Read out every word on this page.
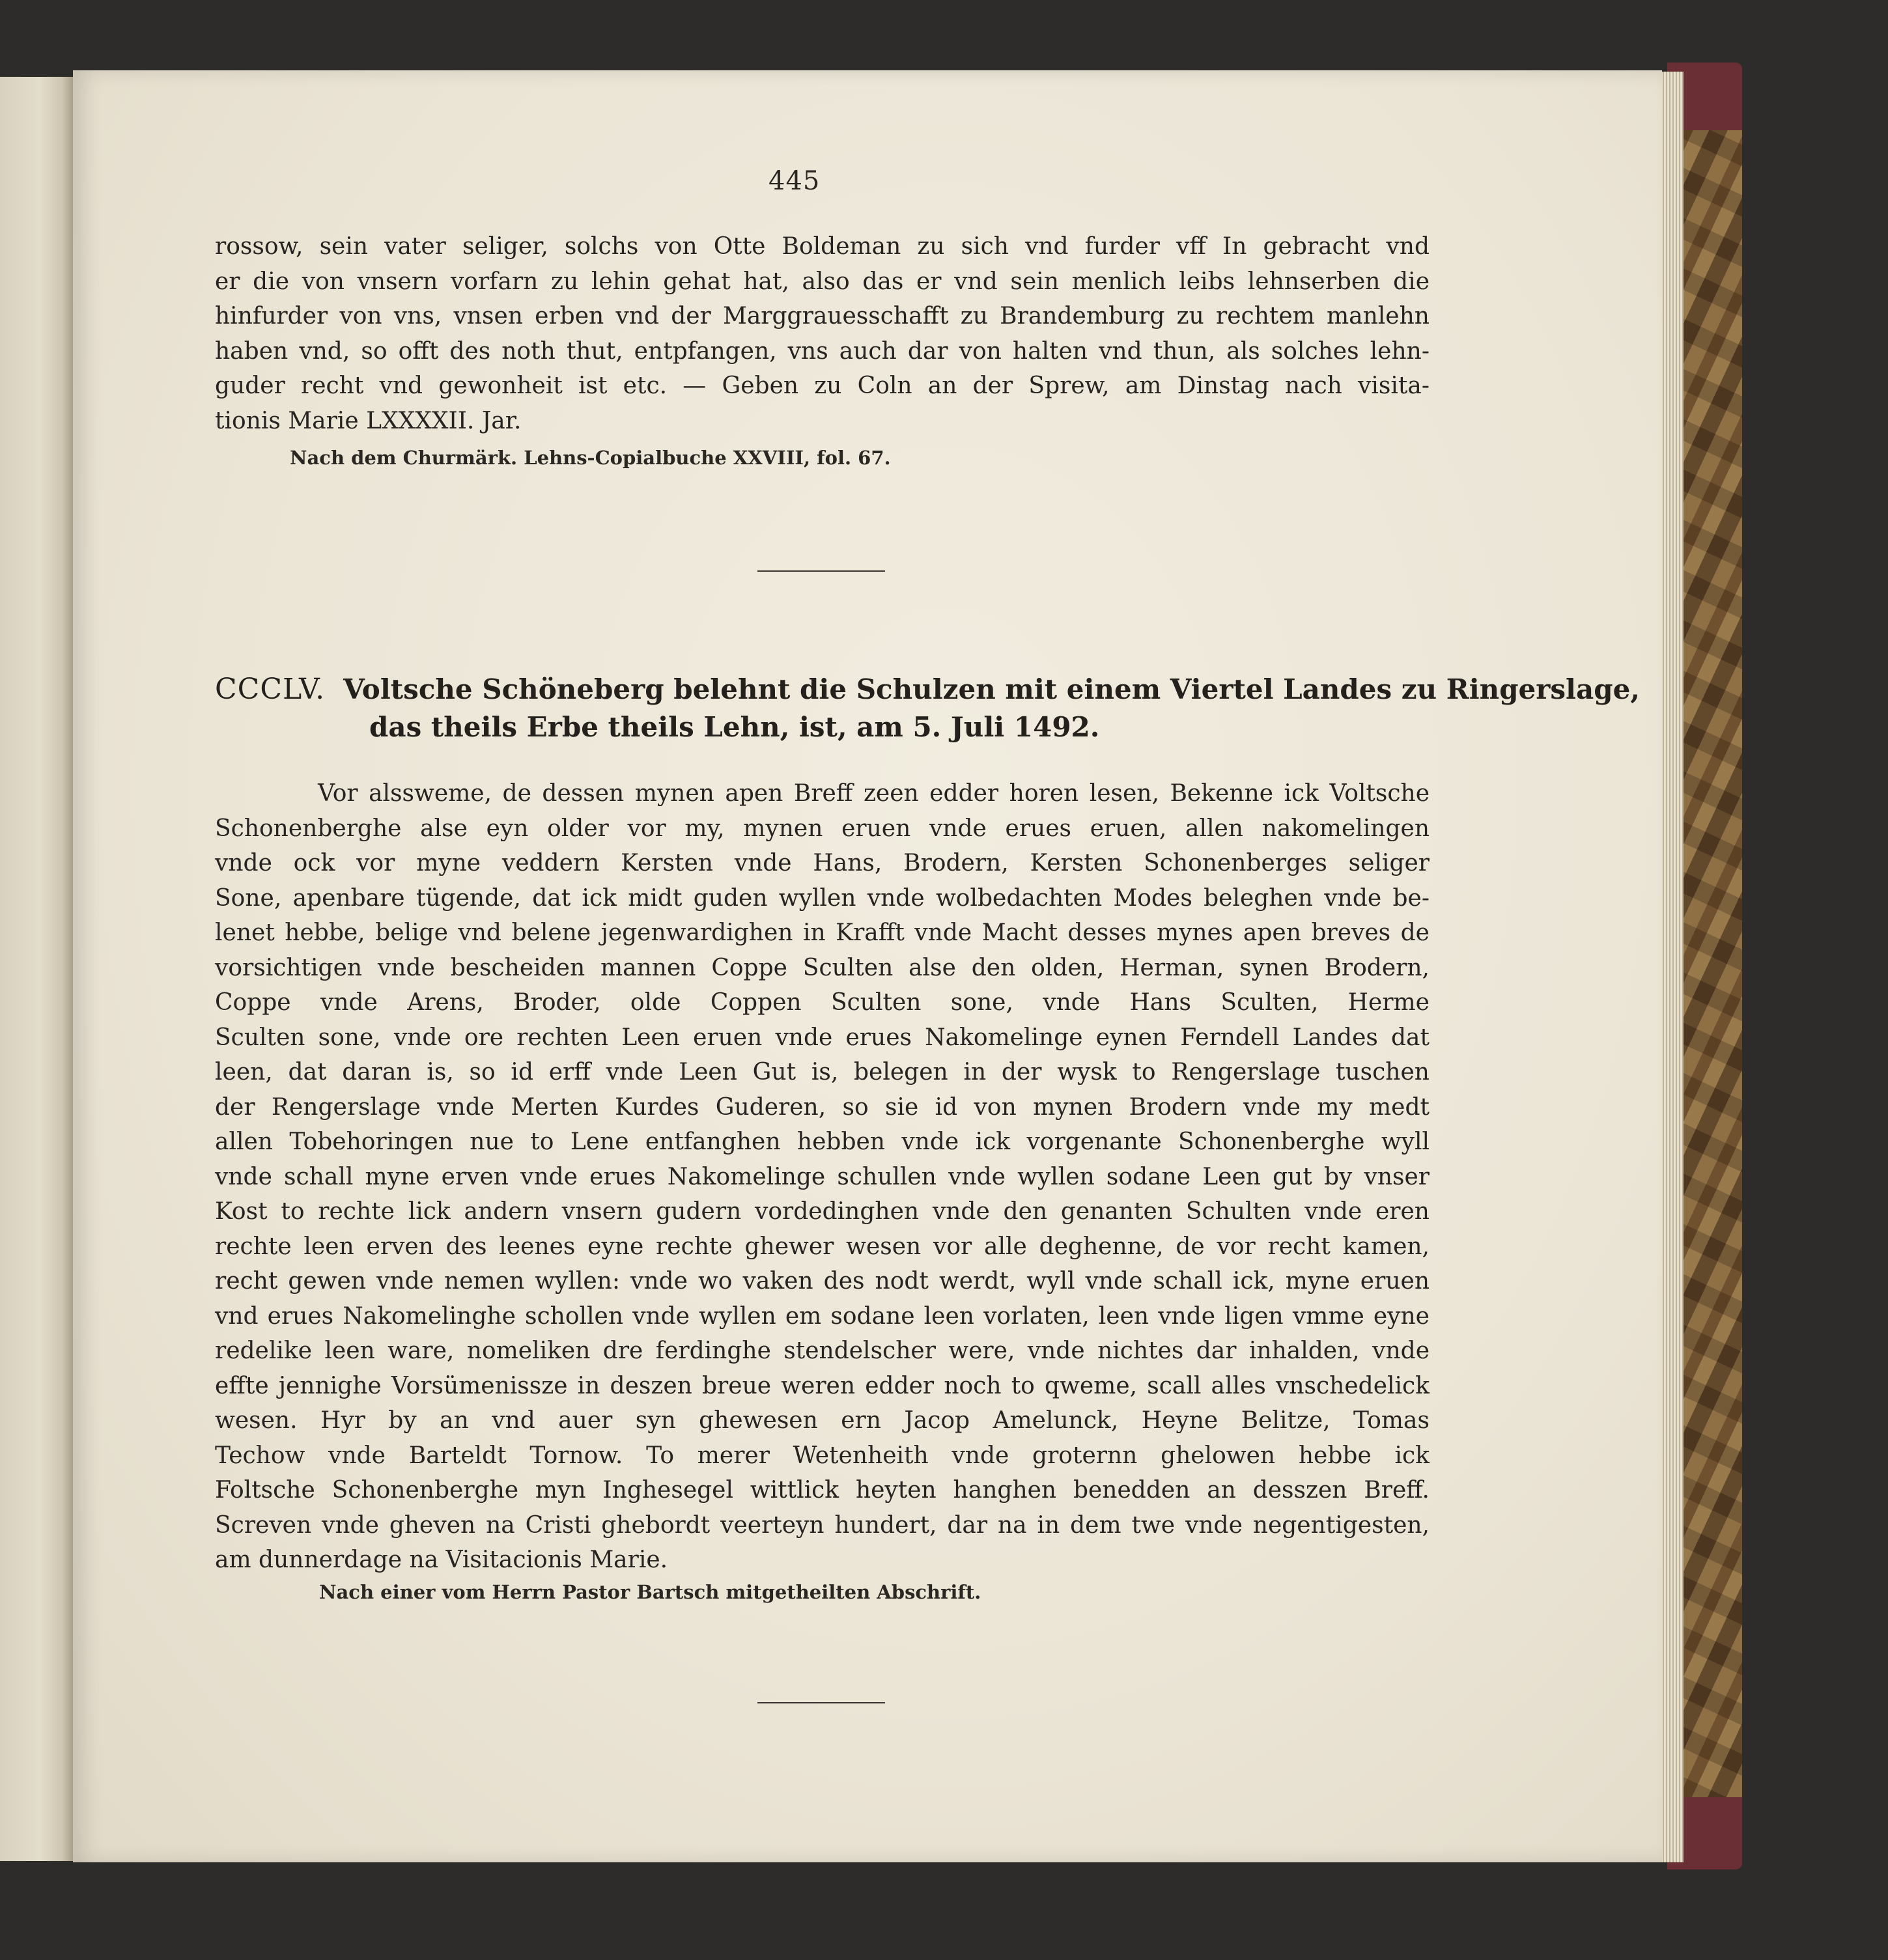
445
rossow, sein vater seliger, solchs von Otte Boldeman zu sich vnd furder vff In gebracht vnd
er die von vnsern vorfarn zu lehin gehat hat, also das er vnd sein menlich leibs lehnserben die
hinfurder von vns, vnsen erben vnd der Marggrauesschafft zu Brandemburg zu rechtem manlehn
haben vnd, so offt des noth thut, entpfangen, vns auch dar von halten vnd thun, als solches lehn-
guder recht vnd gewonheit ist etc. — Geben zu Coln an der Sprew, am Dinstag nach visita-
tionis Marie LXXXXII. Jar.
Nach dem Churmärk. Lehns-Copialbuche XXVIII, fol. 67.
CCCLV. Voltsche Schöneberg belehnt die Schulzen mit einem Viertel Landes zu Ringerslage,
das theils Erbe theils Lehn, ist, am 5. Juli 1492.
Vor alssweme, de dessen mynen apen Breff zeen edder horen lesen, Bekenne ick Voltsche
Schonenberghe alse eyn older vor my, mynen eruen vnde erues eruen, allen nakomelingen
vnde ock vor myne veddern Kersten vnde Hans, Brodern, Kersten Schonenberges seliger
Sone, apenbare tügende, dat ick midt guden wyllen vnde wolbedachten Modes beleghen vnde be-
lenet hebbe, belige vnd belene jegenwardighen in Krafft vnde Macht desses mynes apen breves de
vorsichtigen vnde bescheiden mannen Coppe Sculten alse den olden, Herman, synen Brodern,
Coppe vnde Arens, Broder, olde Coppen Sculten sone, vnde Hans Sculten, Herme
Sculten sone, vnde ore rechten Leen eruen vnde erues Nakomelinge eynen Ferndell Landes dat
leen, dat daran is, so id erff vnde Leen Gut is, belegen in der wysk to Rengerslage tuschen
der Rengerslage vnde Merten Kurdes Guderen, so sie id von mynen Brodern vnde my medt
allen Tobehoringen nue to Lene entfanghen hebben vnde ick vorgenante Schonenberghe wyll
vnde schall myne erven vnde erues Nakomelinge schullen vnde wyllen sodane Leen gut by vnser
Kost to rechte lick andern vnsern gudern vordedinghen vnde den genanten Schulten vnde eren
rechte leen erven des leenes eyne rechte ghewer wesen vor alle deghenne, de vor recht kamen,
recht gewen vnde nemen wyllen: vnde wo vaken des nodt werdt, wyll vnde schall ick, myne eruen
vnd erues Nakomelinghe schollen vnde wyllen em sodane leen vorlaten, leen vnde ligen vmme eyne
redelike leen ware, nomeliken dre ferdinghe stendelscher were, vnde nichtes dar inhalden, vnde
effte jennighe Vorsümenissze in deszen breue weren edder noch to qweme, scall alles vnschedelick
wesen. Hyr by an vnd auer syn ghewesen ern Jacop Amelunck, Heyne Belitze, Tomas
Techow vnde Barteldt Tornow. To merer Wetenheith vnde groternn ghelowen hebbe ick
Foltsche Schonenberghe myn Inghesegel wittlick heyten hanghen benedden an desszen Breff.
Screven vnde gheven na Cristi ghebordt veerteyn hundert, dar na in dem twe vnde negentigesten,
am dunnerdage na Visitacionis Marie.
Nach einer vom Herrn Pastor Bartsch mitgetheilten Abschrift.
